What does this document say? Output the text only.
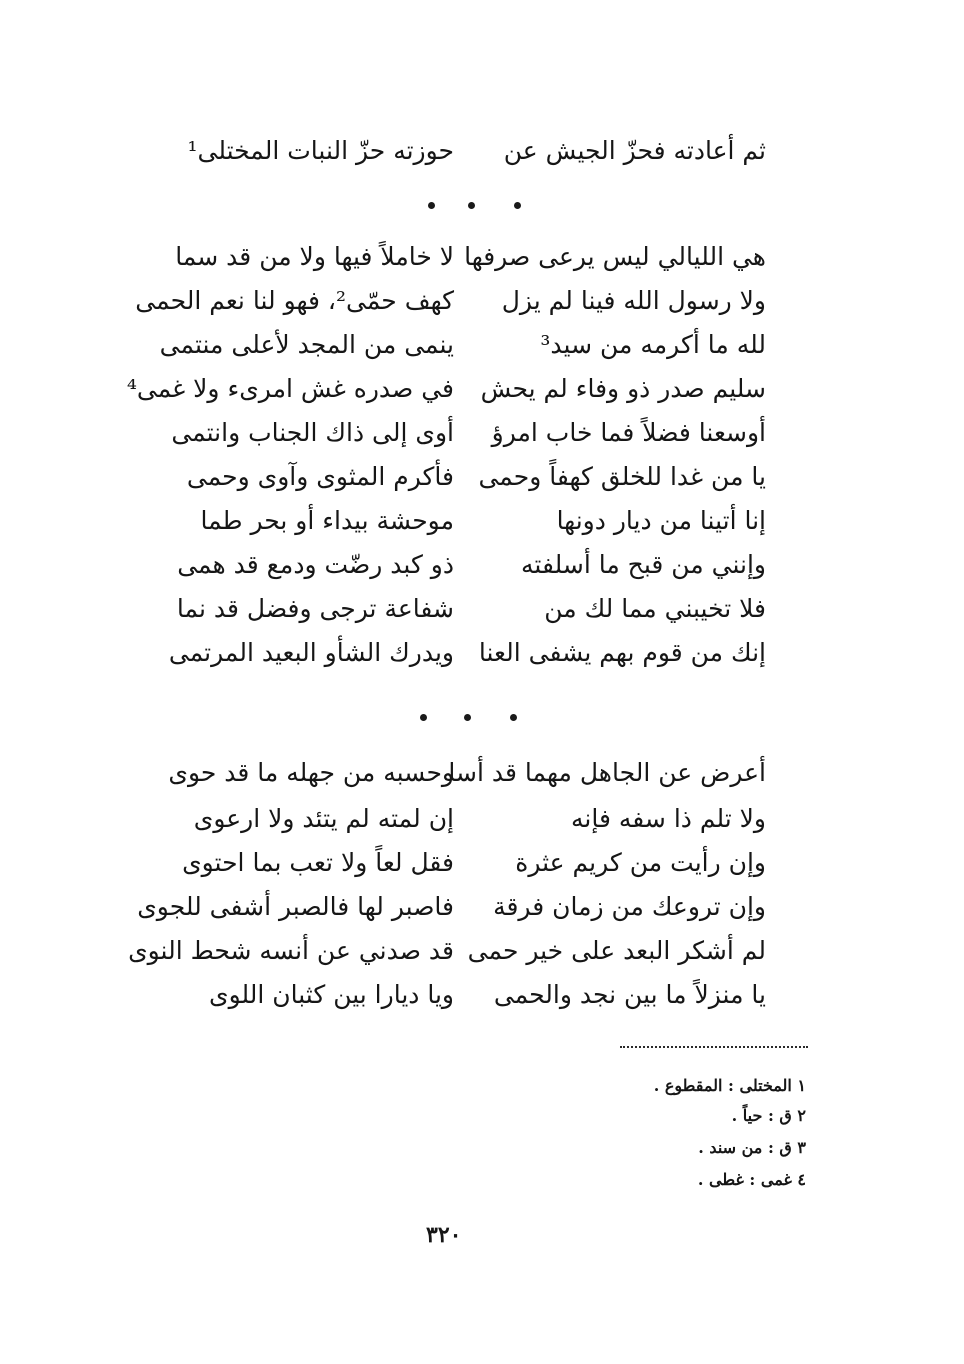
ثم أعادته فحزّ الجيش عن
حوزته حزّ النبات المختلى¹
هي الليالي ليس يرعى صرفها
لا خاملاً فيها ولا من قد سما
ولا رسول الله فينا لم يزل
كهف حمّى²، فهو لنا نعم الحمى
لله ما أكرمه من سيد³
ينمى من المجد لأعلى منتمى
سليم صدر ذو وفاء لم يحش
في صدره غش امرىء ولا غمى⁴
أوسعنا فضلاً فما خاب امرؤ
أوى إلى ذاك الجناب وانتمى
يا من غدا للخلق كهفاً وحمى
فأكرم المثوى وآوى وحمى
إنا أتينا من ديار دونها
موحشة بيداء أو بحر طما
وإنني من قبح ما أسلفته
ذو كبد رضّت ودمع قد همى
فلا تخيبني مما لك من
شفاعة ترجى وفضل قد نما
إنك من قوم بهم يشفى العنا
ويدرك الشأو البعيد المرتمى
أعرض عن الجاهل مهما قد أسا
وحسبه من جهله ما قد حوى
ولا تلم ذا سفه فإنه
إن لمته لم يتئد ولا ارعوى
وإن رأيت من كريم عثرة
فقل لعاً ولا تعب بما احتوى
وإن تروعك من زمان فرقة
فاصبر لها فالصبر أشفى للجوى
لم أشكر البعد على خير حمى
قد صدني عن أنسه شحط النوى
يا منزلاً ما بين نجد والحمى
ويا ديارا بين كثبان اللوى
١ المختلى : المقطوع .
٢ ق : حياً .
٣ ق : من سند .
٤ غمى : غطى .
٣٢٠
